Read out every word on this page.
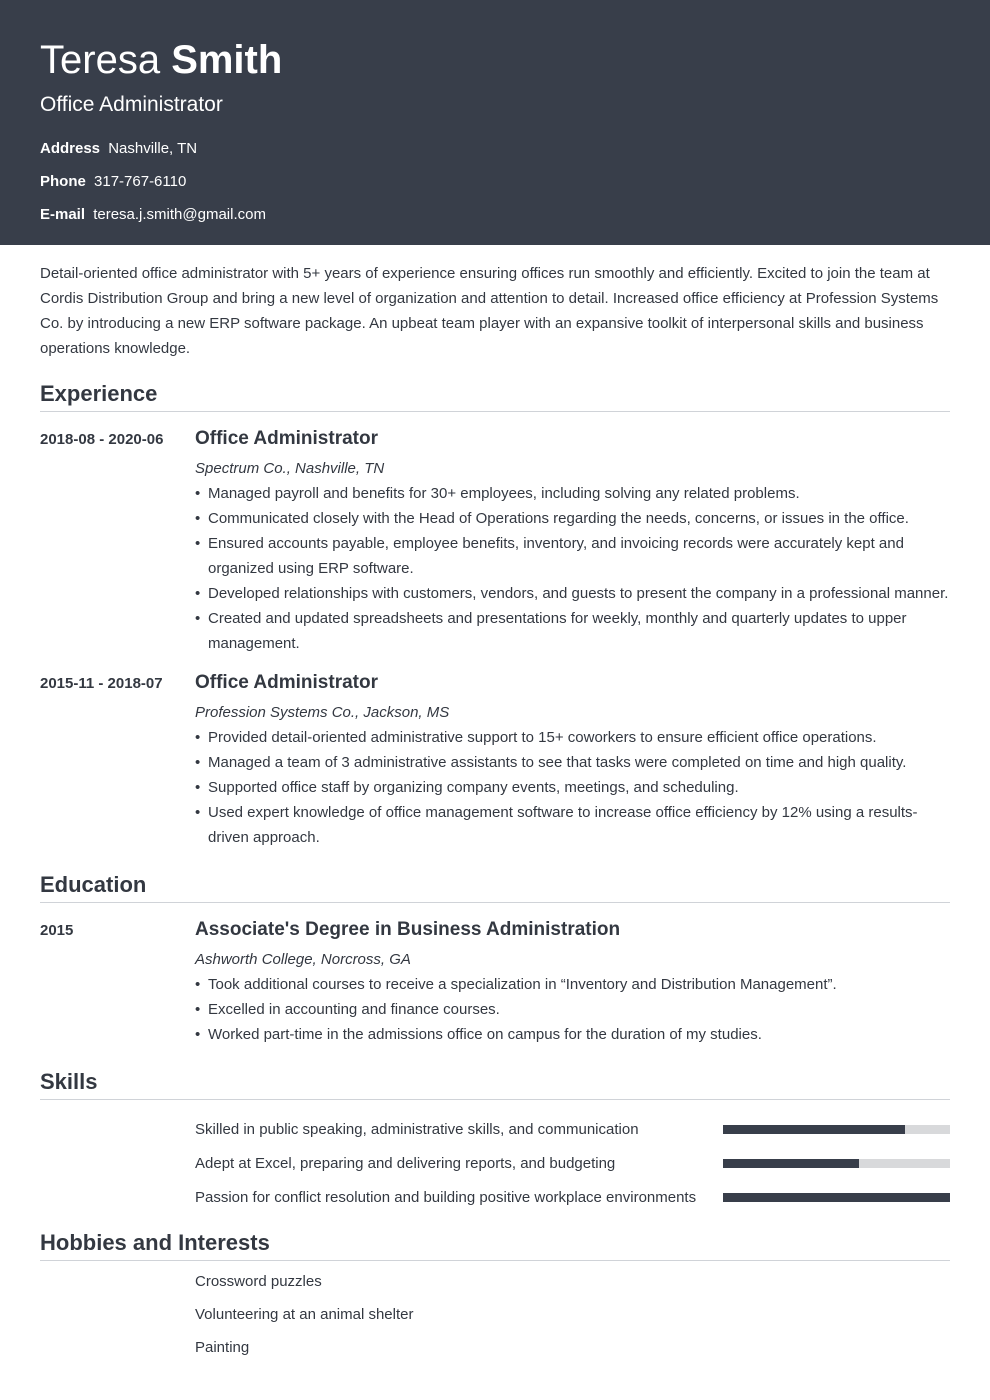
Teresa Smith
Office Administrator
Address Nashville, TN
Phone 317-767-6110
E-mail teresa.j.smith@gmail.com

Detail-oriented office administrator with 5+ years of experience ensuring offices run smoothly and efficiently. Excited to join the team at Cordis Distribution Group and bring a new level of organization and attention to detail. Increased office efficiency at Profession Systems Co. by introducing a new ERP software package. An upbeat team player with an expansive toolkit of interpersonal skills and business operations knowledge.

Experience
2018-08 - 2020-06	Office Administrator
Spectrum Co., Nashville, TN
• Managed payroll and benefits for 30+ employees, including solving any related problems.
• Communicated closely with the Head of Operations regarding the needs, concerns, or issues in the office.
• Ensured accounts payable, employee benefits, inventory, and invoicing records were accurately kept and organized using ERP software.
• Developed relationships with customers, vendors, and guests to present the company in a professional manner.
• Created and updated spreadsheets and presentations for weekly, monthly and quarterly updates to upper management.
2015-11 - 2018-07	Office Administrator
Profession Systems Co., Jackson, MS
• Provided detail-oriented administrative support to 15+ coworkers to ensure efficient office operations.
• Managed a team of 3 administrative assistants to see that tasks were completed on time and high quality.
• Supported office staff by organizing company events, meetings, and scheduling.
• Used expert knowledge of office management software to increase office efficiency by 12% using a results-driven approach.
Education
2015	Associate's Degree in Business Administration
Ashworth College, Norcross, GA
• Took additional courses to receive a specialization in “Inventory and Distribution Management”.
• Excelled in accounting and finance courses.
• Worked part-time in the admissions office on campus for the duration of my studies.
Skills
Skilled in public speaking, administrative skills, and communication
Adept at Excel, preparing and delivering reports, and budgeting
Passion for conflict resolution and building positive workplace environments
Hobbies and Interests
Crossword puzzles
Volunteering at an animal shelter
Painting
